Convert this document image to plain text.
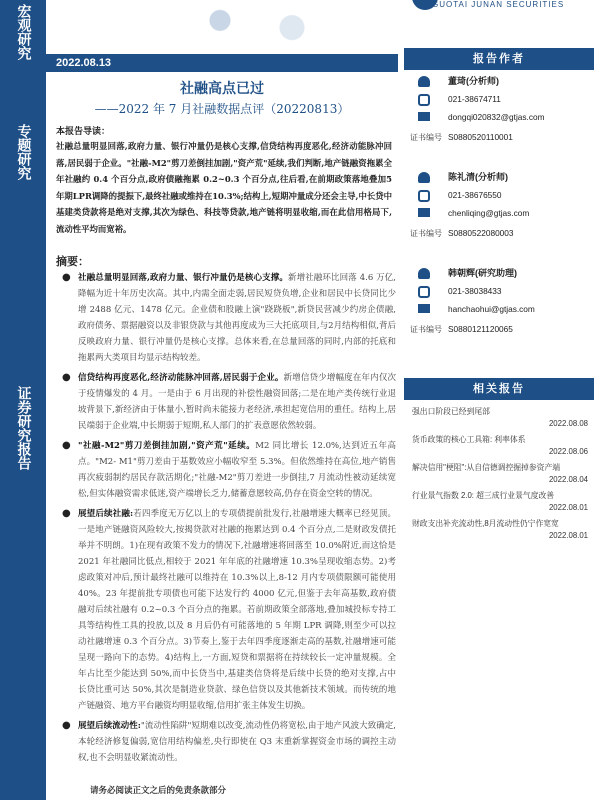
宏观研究
专题研究
证券研究报告
GUOTAI JUNAN SECURITIES
2022.08.13
社融高点已过
——2022 年 7 月社融数据点评（20220813）
本报告导读：
社融总量明显回落,政府力量、银行冲量仍是核心支撑,信贷结构再度恶化,经济动能脉冲回落,居民弱于企业。"社融-M2"剪刀差倒挂加剧,"资产荒"延续,我们判断,地产链融资拖累全年社融约 0.4 个百分点,政府债融拖累 0.2~0.3 个百分点,往后看,在前期政策落地叠加5年期LPR调降的提振下,最终社融或维持在10.3%;结构上,短期冲量成分还会主导,中长贷中基建类贷款将是绝对支撑,其次为绿色、科技等贷款,地产链将明显收缩,而在此信用格局下,流动性平均而宽裕。
摘要：
● 社融总量明显回落,政府力量、银行冲量仍是核心支撑。新增社融环比回落 4.6 万亿,降幅为近十年历史次高。其中,内需全面走弱,居民短贷负增,企业和居民中长贷同比少增 2488 亿元、1478 亿元。企业债和股融上演"跷跷板",新贷民营减少约房企债融,政府债务、票据融资以及非银贷款与其他再度成为三大托底项目,与2月结构相似,背后反映政府力量、银行冲量仍是核心支撑。总体来看,在总量回落的同时,内部的托底和拖累两大类项目均显示结构较差。
● 信贷结构再度恶化,经济动能脉冲回落,居民弱于企业。新增信贷少增幅度在年内仅次于疫情爆发的 4 月。一是由于 6 月出现的补偿性融资回落;二是在地产类传统行业退坡背景下,新经济由于体量小,暂时尚未能接力老经济,承担起宽信用的重任。结构上,居民端弱于企业端,中长期弱于短期,私人部门的扩表意愿依然较弱。
● "社融-M2"剪刀差倒挂加剧,"资产荒"延续。M2 同比增长 12.0%,达到近五年高点。"M2- M1"剪刀差由于基数效应小幅收窄至 5.3%。但依然维持在高位,地产销售再次疲弱制约居民存款活期化;"社融-M2"剪刀差进一步倒挂,7 月流动性被动延续宽松,但实体融资需求低迷,资产端增长乏力,储蓄意愿较高,仍存在资金空转的情况。
● 展望后续社融:若四季度无万亿以上的专项债提前批发行,社融增速大概率已经见顶。一是地产链融资风险较大,按揭贷款对社融的拖累达到 0.4 个百分点,二是财政发债托举并不明朗。1)在现有政策不发力的情况下,社融增速将回落至 10.0%附近,而这恰是 2021 年社融同比低点,相较于 2021 年年底的社融增速 10.3%呈现收缩态势。2)考虑政策对冲后,预计最终社融可以维持在 10.3%以上,8-12 月内专项债限额可能使用 40%。23 年提前批专项债也可能下达发行约 4000 亿元,但鉴于去年高基数,政府债融对后续社融有 0.2~0.3 个百分点的拖累。若前期政策全部落地,叠加城投标专持工具等结构性工具的投放,以及 8 月后仍有可能落地的 5 年期 LPR 调降,则至少可以拉动社融增速 0.3 个百分点。3)节奏上,鉴于去年四季度逐渐走高的基数,社融增速可能呈现一路向下的态势。4)结构上,一方面,短贷和票据将在持续较长一定冲量规模。全年占比至少能达到 50%,而中长贷当中,基建类信贷将是后续中长贷的绝对支撑,占中长贷比重可达 50%,其次是制造业贷款、绿色信贷以及其他新技术领域。而传统的地产链融资、地方平台融资均明显收缩,信用扩张主体发生切换。
● 展望后续流动性:"流动性陷阱"短期难以改变,流动性仍将宽松,由于地产风波大致确定,本轮经济修复偏弱,宽信用结构偏差,央行即使在 Q3 末重新掌握资金市场的调控主动权,也不会明显收紧流动性。
报告作者
董琦(分析师)
021-38674711
dongqi020832@gtjas.com
证书编号 S0880520110001
陈礼清(分析师)
021-38676550
chenliqing@gtjas.com
证书编号 S0880522080003
韩朝辉(研究助理)
021-38038433
hanchaohui@gtjas.com
证书编号 S0880121120065
相关报告
强出口阶段已经到尾部
2022.08.08
货币政策的核心工具箱: 利率体系
2022.08.06
解决信用"梗阻":从自信德调控掘掉参资产端
2022.08.04
行业景气指数 2.0: 超三成行业景气度改善
2022.08.01
财政支出补充流动性,8月流动性仍宁作宽宽
2022.08.01
请务必阅读正文之后的免责条款部分
